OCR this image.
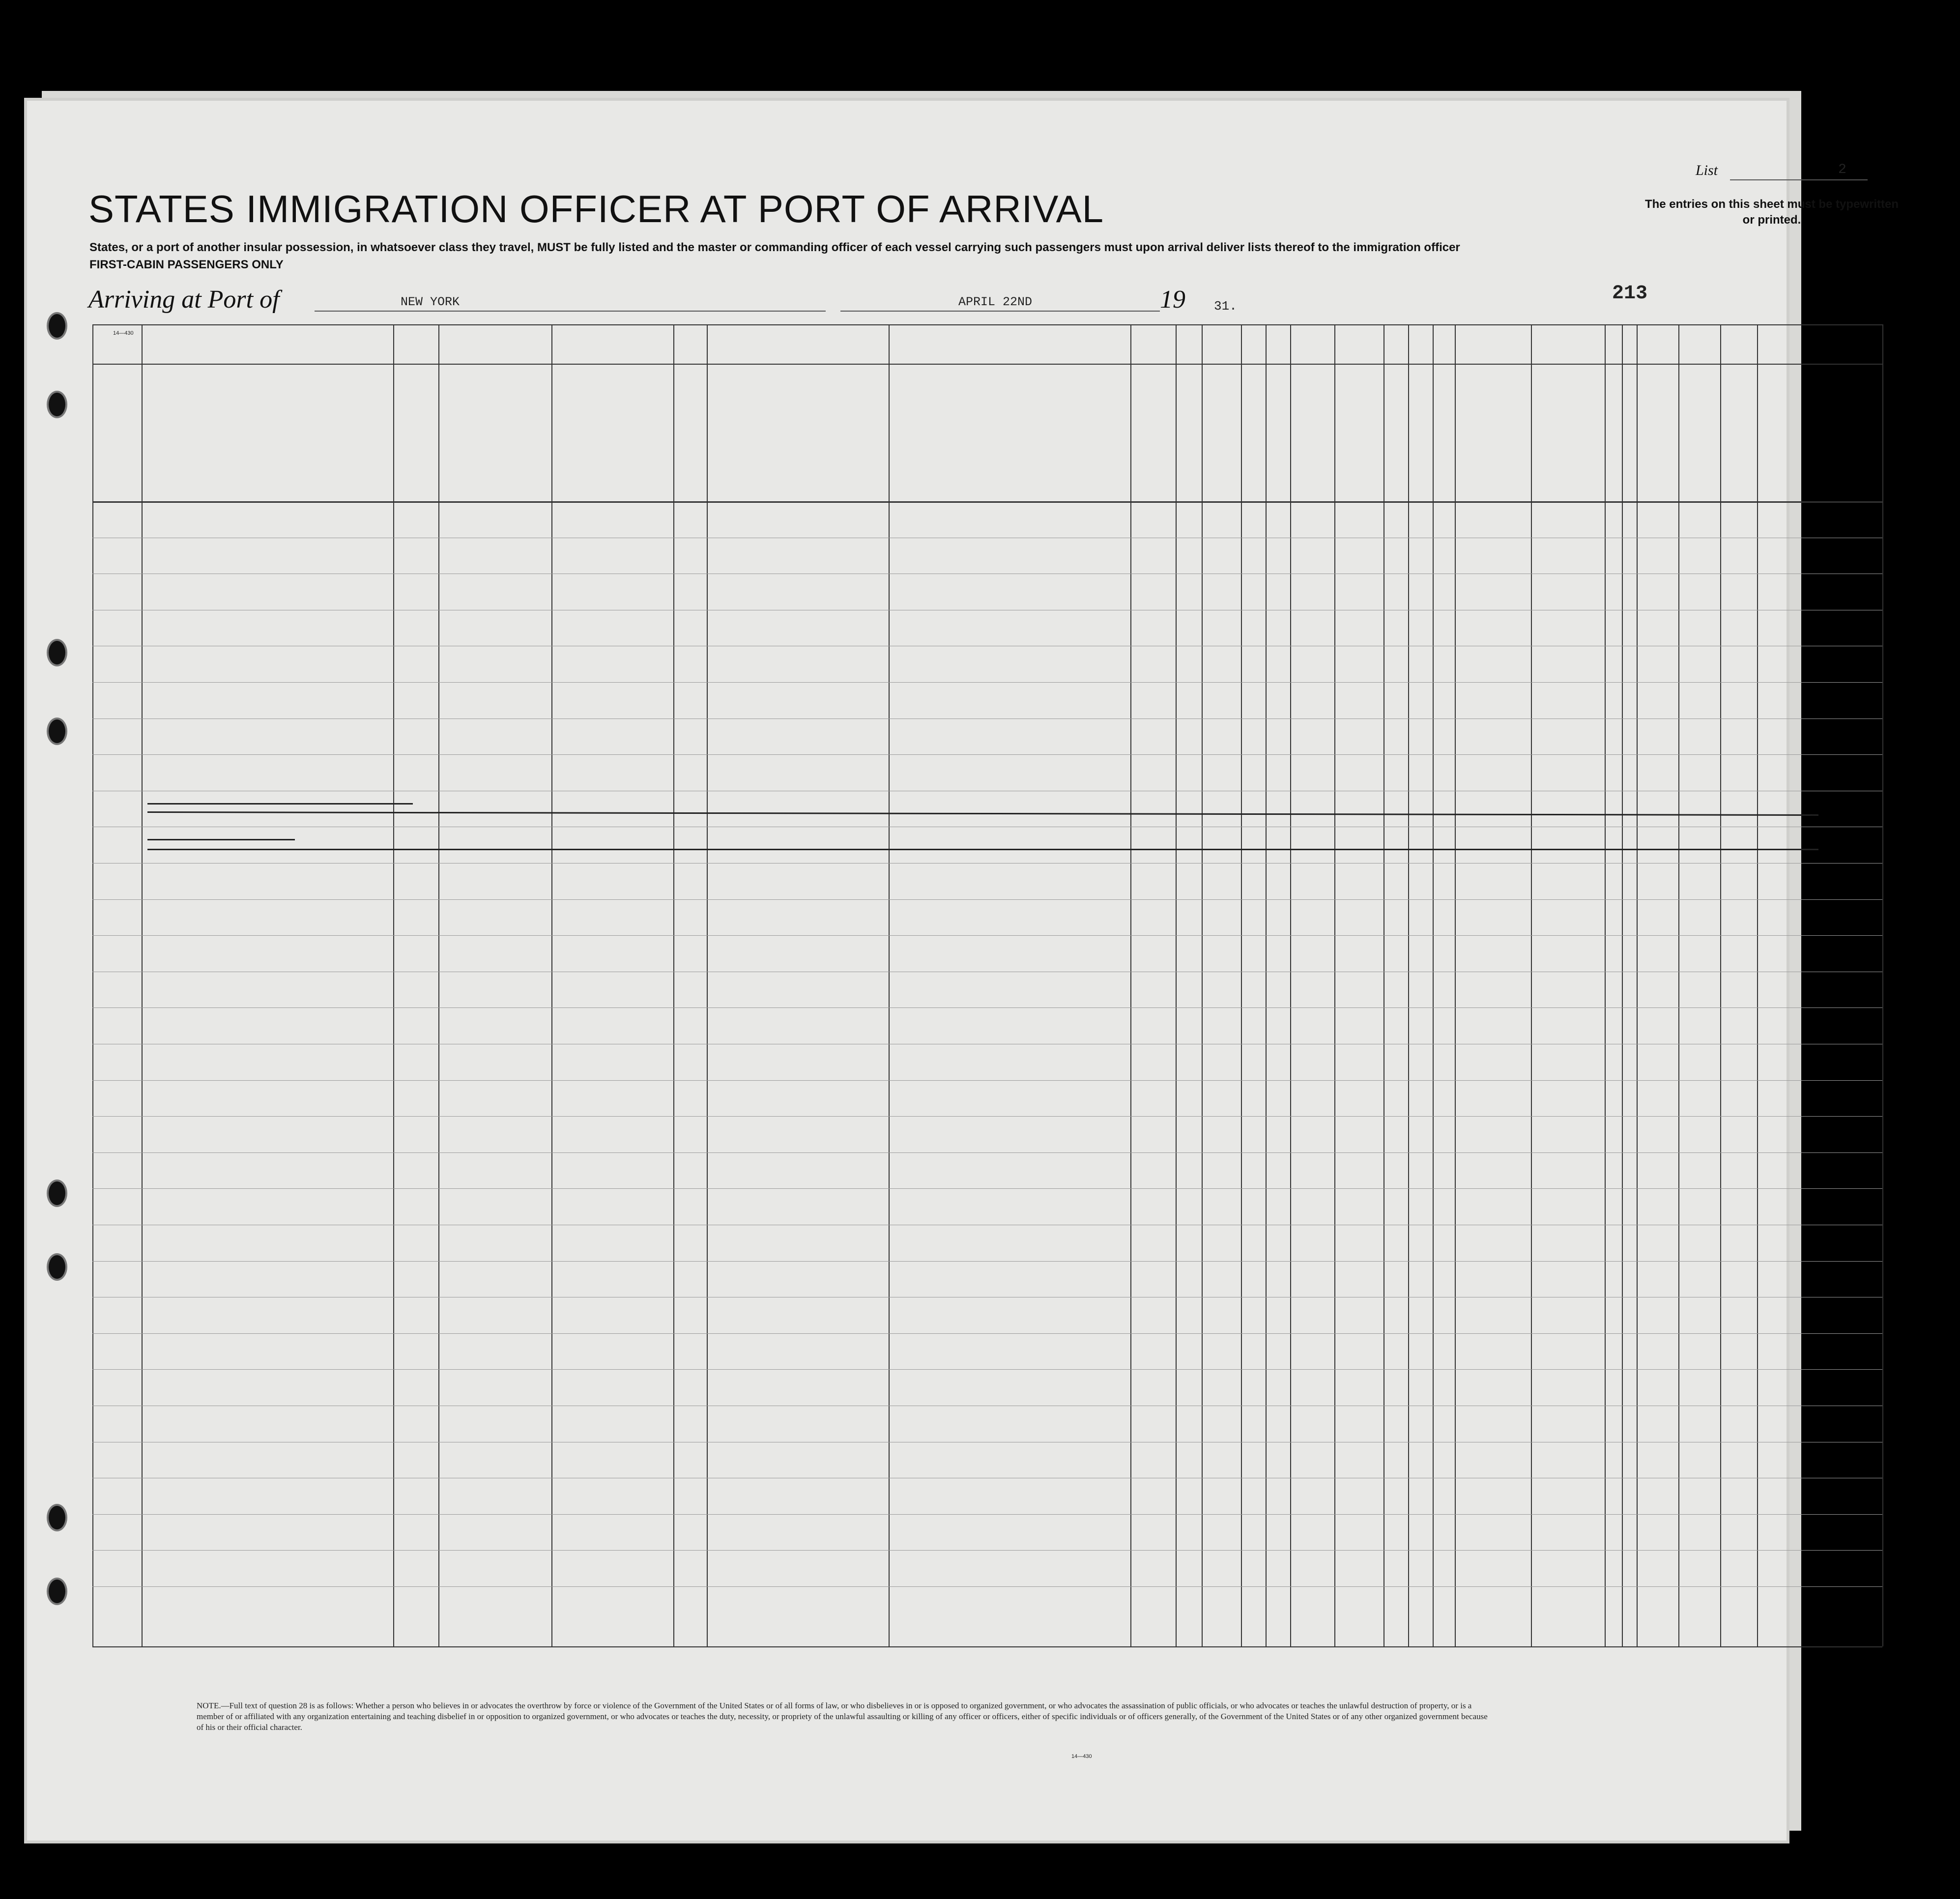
STATES IMMIGRATION OFFICER AT PORT OF ARRIVAL
States, or a port of another insular possession, in whatsoever class they travel, MUST be fully listed and the master or commanding officer of each vessel carrying such passengers must upon arrival deliver lists thereof to the immigration officer
FIRST-CABIN PASSENGERS ONLY
List	2
The entries on this sheet must be typewritten or printed.
Arriving at Port of	NEW YORK	APRIL 22ND	19 31.
213
14—430
NOTE.—Full text of question 28 is as follows: Whether a person who believes in or advocates the overthrow by force or violence of the Government of the United States or of all forms of law, or who disbelieves in or is opposed to organized government, or who advocates the assassination of public officials, or who advocates or teaches the unlawful destruction of property, or is a member of or affiliated with any organization entertaining and teaching disbelief in or opposition to organized government, or who advocates or teaches the duty, necessity, or propriety of the unlawful assaulting or killing of any officer or officers, either of specific individuals or of officers generally, of the Government of the United States or of any other organized government because of his or their official character.
14—430
